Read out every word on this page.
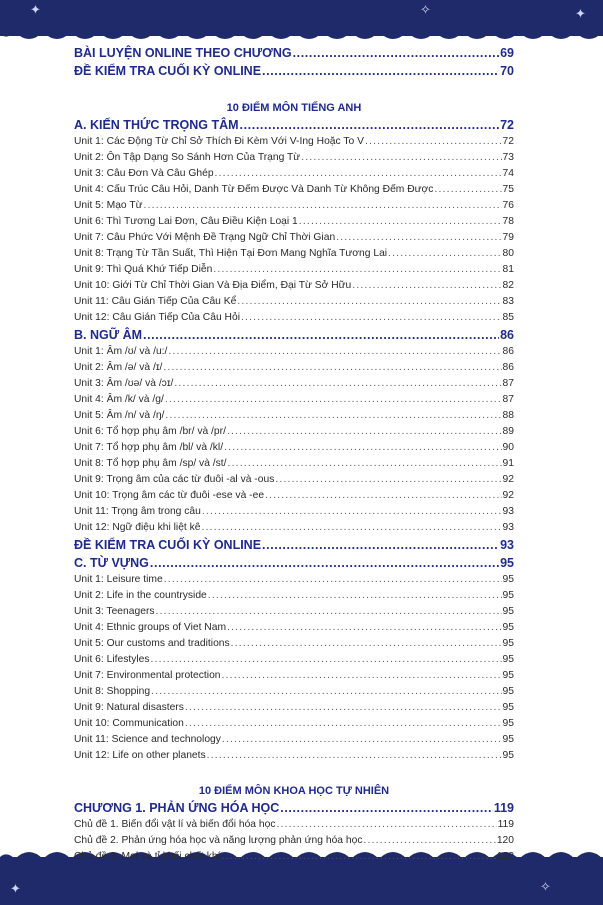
✦	✧	✦
✦	✧
BÀI LUYỆN ONLINE THEO CHƯƠNG .....	69
ĐỀ KIỂM TRA CUỐI KỲ ONLINE .....	70
10 ĐIỂM MÔN TIẾNG ANH
A. KIẾN THỨC TRỌNG TÂM .....	72
Unit 1: Các Động Từ Chỉ Sở Thích Đi Kèm Với V-Ing Hoặc To V .....	72
Unit 2: Ôn Tập Dạng So Sánh Hơn Của Trạng Từ .....	73
Unit 3: Câu Đơn Và Câu Ghép .....	74
Unit 4: Cấu Trúc Câu Hỏi, Danh Từ Đếm Được Và Danh Từ Không Đếm Được .....	75
Unit 5: Mạo Từ .....	76
Unit 6: Thì Tương Lai Đơn, Câu Điều Kiện Loại 1 .....	78
Unit 7: Câu Phức Với Mệnh Đề Trạng Ngữ Chỉ Thời Gian .....	79
Unit 8: Trạng Từ Tần Suất, Thì Hiện Tại Đơn Mang Nghĩa Tương Lai .....	80
Unit 9: Thì Quá Khứ Tiếp Diễn .....	81
Unit 10: Giới Từ Chỉ Thời Gian Và Địa Điểm, Đại Từ Sở Hữu .....	82
Unit 11: Câu Gián Tiếp Của Câu Kể .....	83
Unit 12: Câu Gián Tiếp Của Câu Hỏi .....	85
B. NGỮ ÂM .....	86
Unit 1: Âm /ʊ/ và /u:/ .....	86
Unit 2: Âm /ə/ và /ɪ/ .....	86
Unit 3: Âm /ʊə/ và /ɔɪ/ .....	87
Unit 4: Âm /k/ và /g/ .....	87
Unit 5: Âm /n/ và /ŋ/ .....	88
Unit 6: Tổ hợp phụ âm /br/ và /pr/ .....	89
Unit 7: Tổ hợp phụ âm /bl/ và /kl/ .....	90
Unit 8: Tổ hợp phụ âm /sp/ và /st/ .....	91
Unit 9: Trọng âm của các từ đuôi -al và -ous .....	92
Unit 10: Trọng âm các từ đuôi -ese và -ee .....	92
Unit 11: Trọng âm trong câu .....	93
Unit 12: Ngữ điệu khi liệt kê .....	93
ĐỀ KIỂM TRA CUỐI KỲ ONLINE .....	93
C. TỪ VỰNG .....	95
Unit 1: Leisure time .....	95
Unit 2: Life in the countryside .....	95
Unit 3: Teenagers .....	95
Unit 4: Ethnic groups of Viet Nam .....	95
Unit 5: Our customs and traditions .....	95
Unit 6: Lifestyles .....	95
Unit 7: Environmental protection .....	95
Unit 8: Shopping .....	95
Unit 9: Natural disasters .....	95
Unit 10: Communication .....	95
Unit 11: Science and technology .....	95
Unit 12: Life on other planets .....	95
10 ĐIỂM MÔN KHOA HỌC TỰ NHIÊN
CHƯƠNG 1. PHẢN ỨNG HÓA HỌC .....	119
Chủ đề 1. Biến đổi vật lí và biến đổi hóa học .....	119
Chủ đề 2. Phản ứng hóa học và năng lượng phản ứng hóa học .....	120
Chủ đề 3. Mol và tỉ khối chất khí .....	122
